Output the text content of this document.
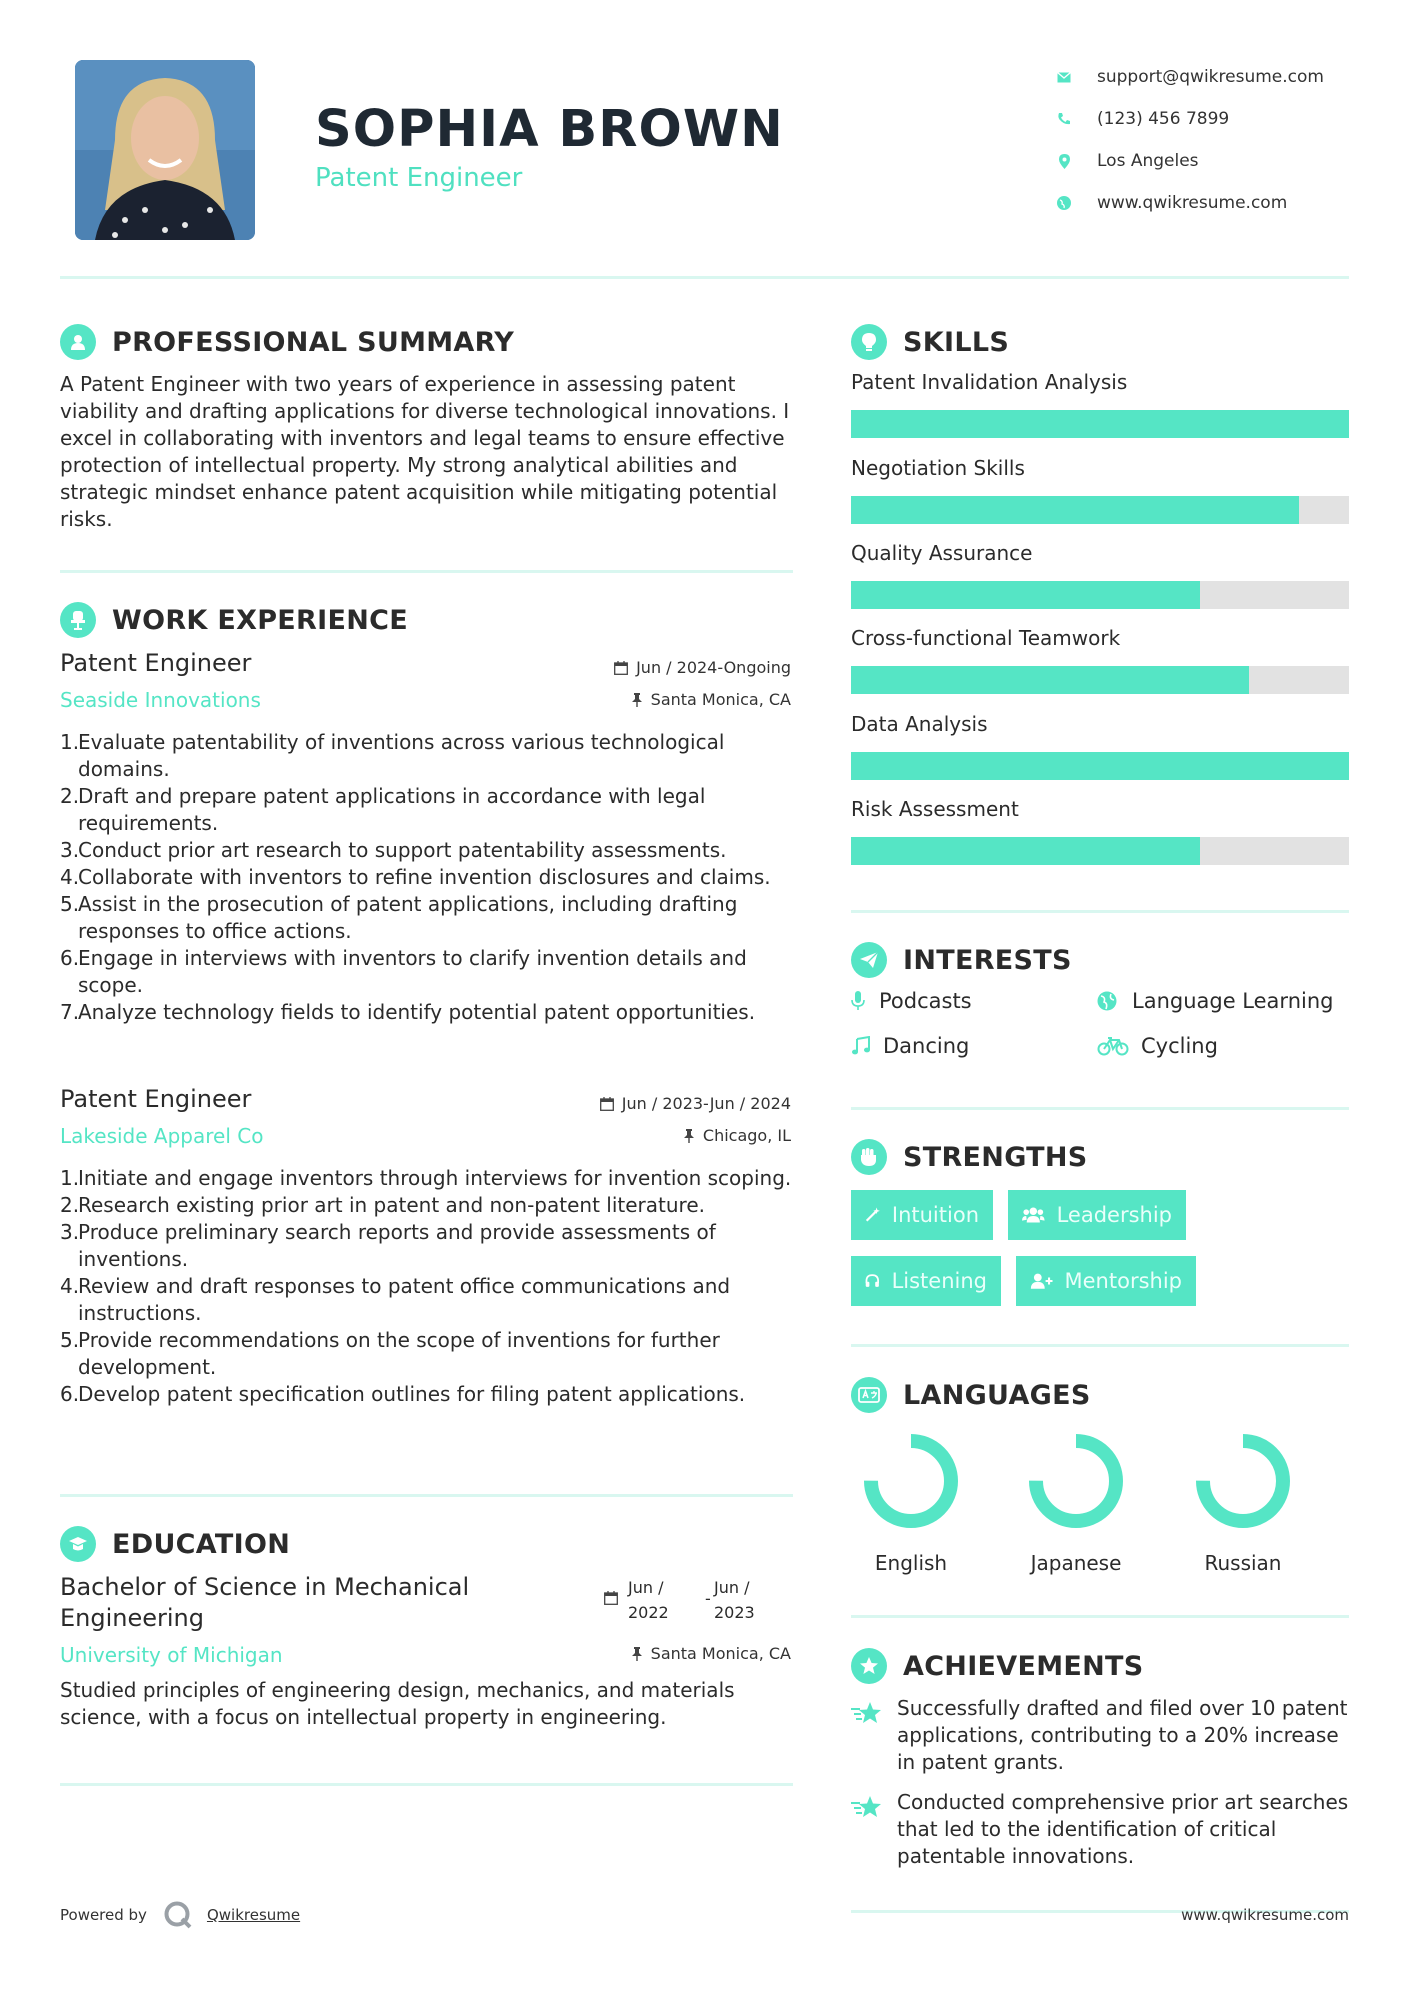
SOPHIA BROWN
Patent Engineer
support@qwikresume.com
(123) 456 7899
Los Angeles
www.qwikresume.com
PROFESSIONAL SUMMARY
A Patent Engineer with two years of experience in assessing patent viability and drafting applications for diverse technological innovations. I excel in collaborating with inventors and legal teams to ensure effective protection of intellectual property. My strong analytical abilities and strategic mindset enhance patent acquisition while mitigating potential risks.
WORK EXPERIENCE
Patent Engineer	Jun / 2024-Ongoing
Seaside Innovations	Santa Monica, CA
Evaluate patentability of inventions across various technological domains.
Draft and prepare patent applications in accordance with legal requirements.
Conduct prior art research to support patentability assessments.
Collaborate with inventors to refine invention disclosures and claims.
Assist in the prosecution of patent applications, including drafting responses to office actions.
Engage in interviews with inventors to clarify invention details and scope.
Analyze technology fields to identify potential patent opportunities.
Patent Engineer	Jun / 2023-Jun / 2024
Lakeside Apparel Co	Chicago, IL
Initiate and engage inventors through interviews for invention scoping.
Research existing prior art in patent and non-patent literature.
Produce preliminary search reports and provide assessments of inventions.
Review and draft responses to patent office communications and instructions.
Provide recommendations on the scope of inventions for further development.
Develop patent specification outlines for filing patent applications.
EDUCATION
Bachelor of Science in Mechanical Engineering
Jun / 2022
-
Jun / 2023
University of Michigan	Santa Monica, CA
Studied principles of engineering design, mechanics, and materials science, with a focus on intellectual property in engineering.
SKILLS
Patent Invalidation Analysis
Negotiation Skills
Quality Assurance
Cross-functional Teamwork
Data Analysis
Risk Assessment
INTERESTS
Podcasts	Language Learning
Dancing	Cycling
STRENGTHS
Intuition	Leadership
Listening	Mentorship
LANGUAGES
English	Japanese	Russian
ACHIEVEMENTS
Successfully drafted and filed over 10 patent applications, contributing to a 20% increase in patent grants.
Conducted comprehensive prior art searches that led to the identification of critical patentable innovations.
Powered by	Qwikresume	www.qwikresume.com
